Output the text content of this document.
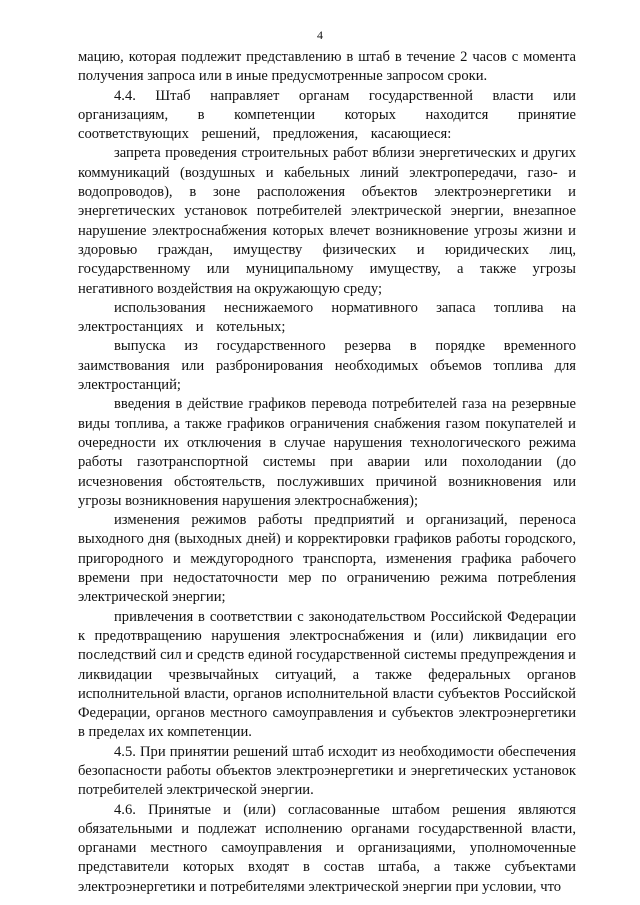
4

мацию, которая подлежит представлению в штаб в течение 2 часов с момента получения запроса или в иные предусмотренные запросом сроки.

4.4. Штаб направляет органам государственной власти или организациям, в компетенции которых находится принятие соответствующих решений, предложения, касающиеся:

запрета проведения строительных работ вблизи энергетических и других коммуникаций (воздушных и кабельных линий электропередачи, газо- и водопроводов), в зоне расположения объектов электроэнергетики и энергетических установок потребителей электрической энергии, внезапное нарушение электроснабжения которых влечет возникновение угрозы жизни и здоровью граждан, имуществу физических и юридических лиц, государственному или муниципальному имуществу, а также угрозы негативного воздействия на окружающую среду;

использования неснижаемого нормативного запаса топлива на электростанциях и котельных;

выпуска из государственного резерва в порядке временного заимствования или разбронирования необходимых объемов топлива для электростанций;

введения в действие графиков перевода потребителей газа на резервные виды топлива, а также графиков ограничения снабжения газом покупателей и очередности их отключения в случае нарушения технологического режима работы газотранспортной системы при аварии или похолодании (до исчезновения обстоятельств, послуживших причиной возникновения или угрозы возникновения нарушения электроснабжения);

изменения режимов работы предприятий и организаций, переноса выходного дня (выходных дней) и корректировки графиков работы городского, пригородного и междугородного транспорта, изменения графика рабочего времени при недостаточности мер по ограничению режима потребления электрической энергии;

привлечения в соответствии с законодательством Российской Федерации к предотвращению нарушения электроснабжения и (или) ликвидации его последствий сил и средств единой государственной системы предупреждения и ликвидации чрезвычайных ситуаций, а также федеральных органов исполнительной власти, органов исполнительной власти субъектов Российской Федерации, органов местного самоуправления и субъектов электроэнергетики в пределах их компетенции.

4.5. При принятии решений штаб исходит из необходимости обеспечения безопасности работы объектов электроэнергетики и энергетических установок потребителей электрической энергии.

4.6. Принятые и (или) согласованные штабом решения являются обязательными и подлежат исполнению органами государственной власти, органами местного самоуправления и организациями, уполномоченные представители которых входят в состав штаба, а также субъектами электроэнергетики и потребителями электрической энергии при условии, что
